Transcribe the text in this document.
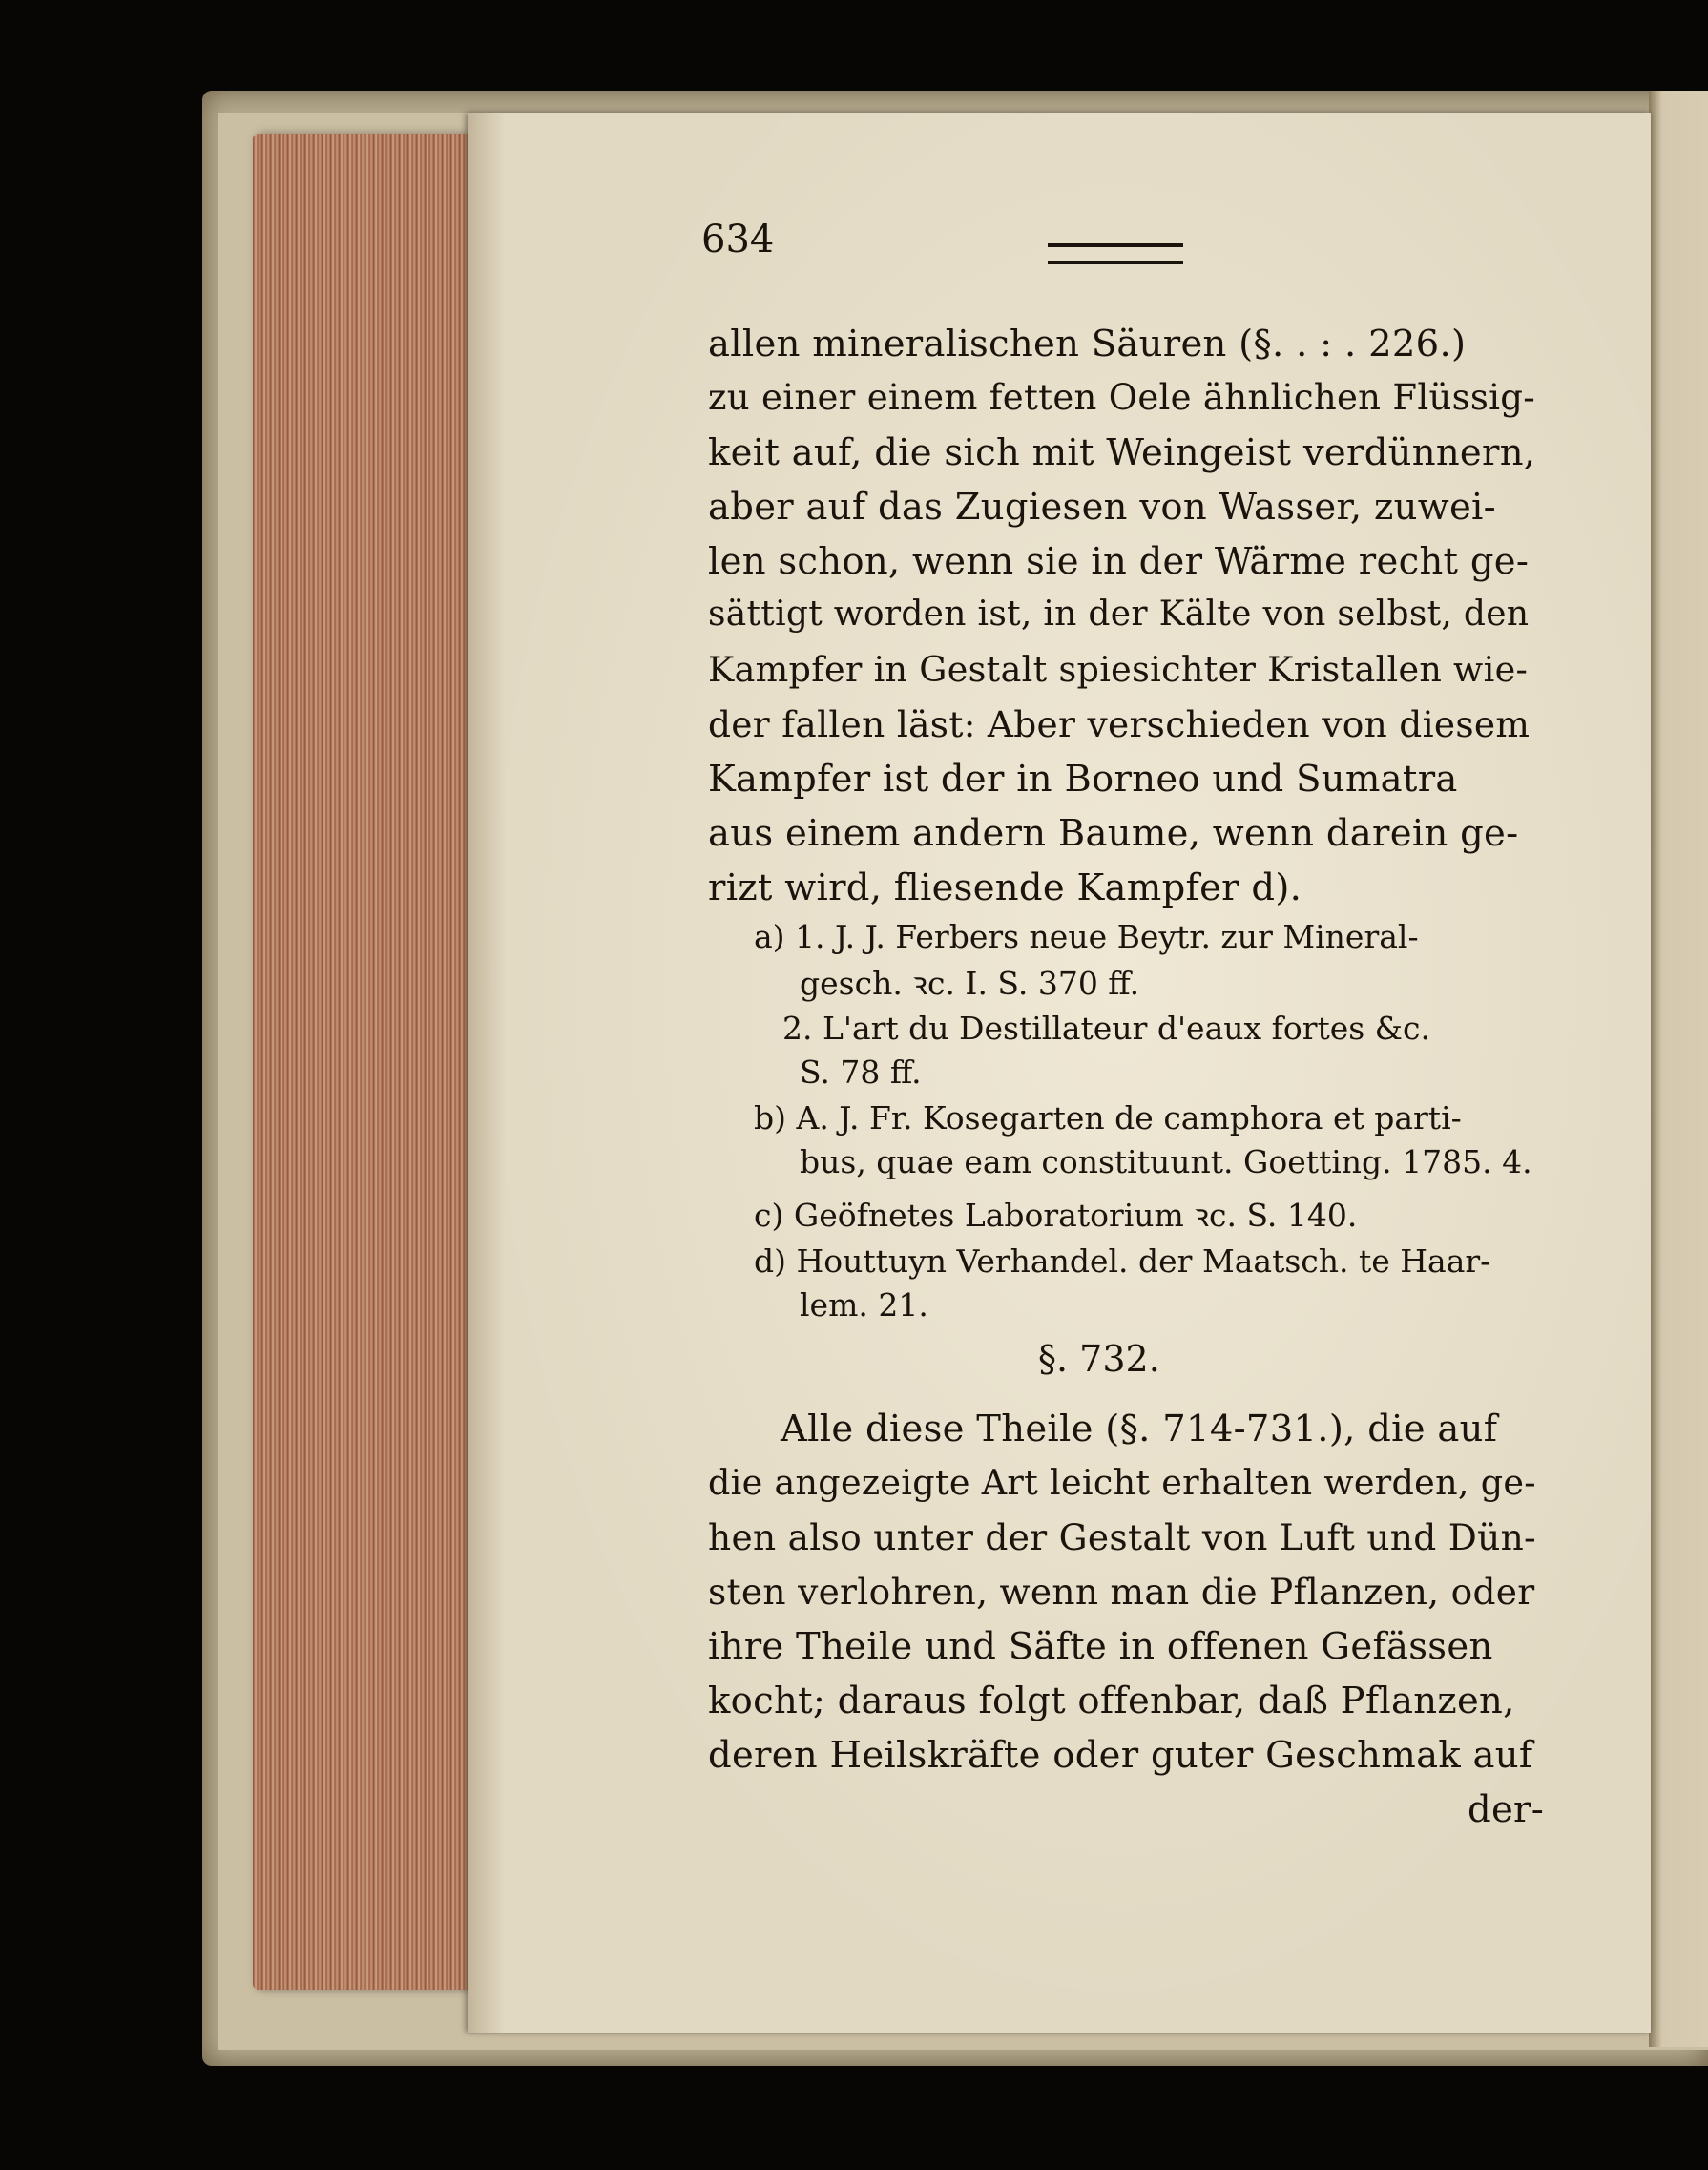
634
allen mineralischen Säuren (§. . : . 226.)
zu einer einem fetten Oele ähnlichen Flüssig-
keit auf, die sich mit Weingeist verdünnern,
aber auf das Zugiesen von Wasser, zuwei-
len schon, wenn sie in der Wärme recht ge-
sättigt worden ist, in der Kälte von selbst, den
Kampfer in Gestalt spiesichter Kristallen wie-
der fallen läst: Aber verschieden von diesem
Kampfer ist der in Borneo und Sumatra
aus einem andern Baume, wenn darein ge-
rizt wird, fliesende Kampfer d).
a) 1. J. J. Ferbers neue Beytr. zur Mineral-
gesch. ꝛc. I. S. 370 ff.
2. L'art du Destillateur d'eaux fortes &c.
S. 78 ff.
b) A. J. Fr. Kosegarten de camphora et parti-
bus, quae eam constituunt. Goetting. 1785. 4.
c) Geöfnetes Laboratorium ꝛc. S. 140.
d) Houttuyn Verhandel. der Maatsch. te Haar-
lem. 21.
§. 732.
Alle diese Theile (§. 714-731.), die auf
die angezeigte Art leicht erhalten werden, ge-
hen also unter der Gestalt von Luft und Dün-
sten verlohren, wenn man die Pflanzen, oder
ihre Theile und Säfte in offenen Gefässen
kocht; daraus folgt offenbar, daß Pflanzen,
deren Heilskräfte oder guter Geschmak auf
der-
